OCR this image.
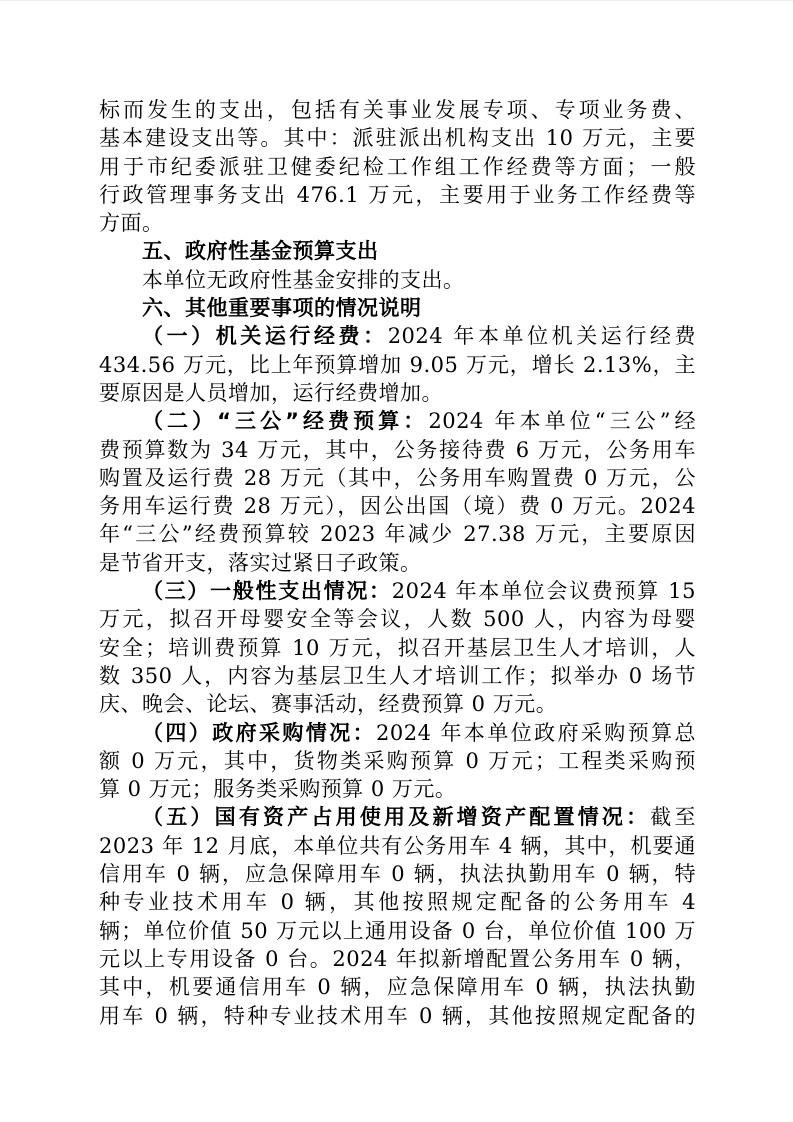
标而发生的支出，包括有关事业发展专项、专项业务费、
基本建设支出等。其中：派驻派出机构支出 10 万元，主要
用于市纪委派驻卫健委纪检工作组工作经费等方面；一般
行政管理事务支出 476.1 万元，主要用于业务工作经费等
方面。
五、政府性基金预算支出
本单位无政府性基金安排的支出。
六、其他重要事项的情况说明
（一）机关运行经费：2024 年本单位机关运行经费
434.56 万元，比上年预算增加 9.05 万元，增长 2.13%，主
要原因是人员增加，运行经费增加。
（二）“三公”经费预算：2024 年本单位“三公”经
费预算数为 34 万元，其中，公务接待费 6 万元，公务用车
购置及运行费 28 万元（其中，公务用车购置费 0 万元，公
务用车运行费 28 万元），因公出国（境）费 0 万元。2024
年“三公”经费预算较 2023 年减少 27.38 万元，主要原因
是节省开支，落实过紧日子政策。
（三）一般性支出情况：2024 年本单位会议费预算 15
万元，拟召开母婴安全等会议，人数 500 人，内容为母婴
安全；培训费预算 10 万元，拟召开基层卫生人才培训，人
数 350 人，内容为基层卫生人才培训工作；拟举办 0 场节
庆、晚会、论坛、赛事活动，经费预算 0 万元。
（四）政府采购情况：2024 年本单位政府采购预算总
额 0 万元，其中，货物类采购预算 0 万元；工程类采购预
算 0 万元；服务类采购预算 0 万元。
（五）国有资产占用使用及新增资产配置情况：截至
2023 年 12 月底，本单位共有公务用车 4 辆，其中，机要通
信用车 0 辆，应急保障用车 0 辆，执法执勤用车 0 辆，特
种专业技术用车 0 辆，其他按照规定配备的公务用车 4
辆；单位价值 50 万元以上通用设备 0 台，单位价值 100 万
元以上专用设备 0 台。2024 年拟新增配置公务用车 0 辆，
其中，机要通信用车 0 辆，应急保障用车 0 辆，执法执勤
用车 0 辆，特种专业技术用车 0 辆，其他按照规定配备的
